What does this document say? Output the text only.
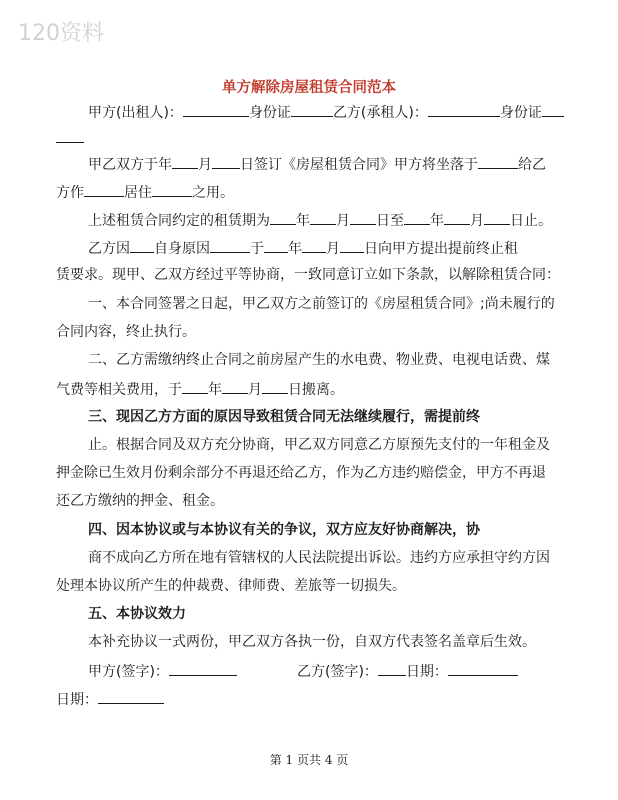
120资料
单方解除房屋租赁合同范本
甲方(出租人)：	身份证	乙方(承租人)：	身份证
甲乙双方于年 月 日签订《房屋租赁合同》甲方将坐落于	给乙
方作	居住	之用。
上述租赁合同约定的租赁期为 年 月 日至 年 月 日止。
乙方因 自身原因	于 年 月 日向甲方提出提前终止租
赁要求。现甲、乙双方经过平等协商，一致同意订立如下条款，以解除租赁合同：
一、本合同签署之日起，甲乙双方之前签订的《房屋租赁合同》;尚未履行的
合同内容，终止执行。
二、乙方需缴纳终止合同之前房屋产生的水电费、物业费、电视电话费、煤
气费等相关费用，于 年 月 日搬离。
三、现因乙方方面的原因导致租赁合同无法继续履行，需提前终
止。根据合同及双方充分协商，甲乙双方同意乙方原预先支付的一年租金及
押金除已生效月份剩余部分不再退还给乙方，作为乙方违约赔偿金，甲方不再退
还乙方缴纳的押金、租金。
四、因本协议或与本协议有关的争议，双方应友好协商解决，协
商不成向乙方所在地有管辖权的人民法院提出诉讼。违约方应承担守约方因
处理本协议所产生的仲裁费、律师费、差旅等一切损失。
五、本协议效力
本补充协议一式两份，甲乙双方各执一份，自双方代表签名盖章后生效。
甲方(签字)：	乙方(签字)： 日期：
日期：
第 1 页共 4 页
